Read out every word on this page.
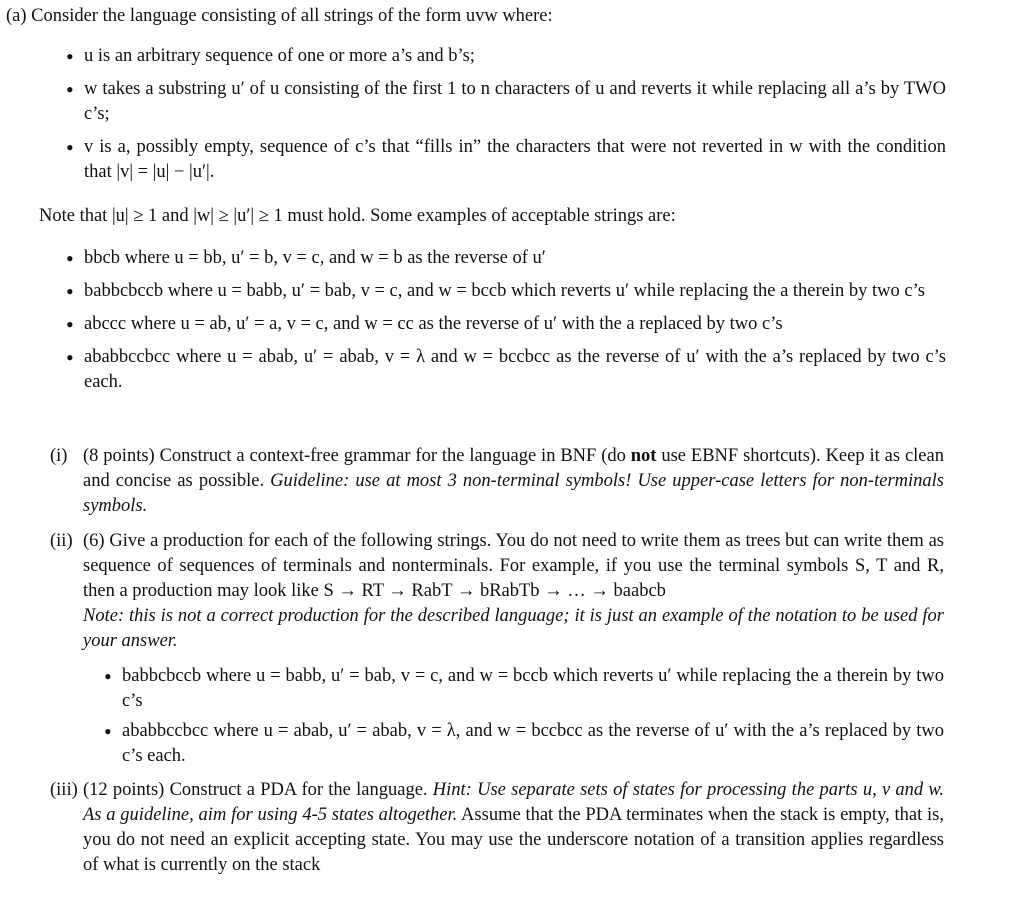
(a) Consider the language consisting of all strings of the form uvw where:
• u is an arbitrary sequence of one or more a’s and b’s;
• w takes a substring u′ of u consisting of the first 1 to n characters of u and reverts it while replacing all a’s by TWO c’s;
• v is a, possibly empty, sequence of c’s that “fills in” the characters that were not reverted in w with the condition that |v| = |u| − |u′|.
Note that |u| ≥ 1 and |w| ≥ |u′| ≥ 1 must hold. Some examples of acceptable strings are:
• bbcb where u = bb, u′ = b, v = c, and w = b as the reverse of u′
• babbcbccb where u = babb, u′ = bab, v = c, and w = bccb which reverts u′ while replacing the a therein by two c’s
• abccc where u = ab, u′ = a, v = c, and w = cc as the reverse of u′ with the a replaced by two c’s
• ababbccbcc where u = abab, u′ = abab, v = λ and w = bccbcc as the reverse of u′ with the a’s replaced by two c’s each.
(i) (8 points) Construct a context-free grammar for the language in BNF (do not use EBNF shortcuts). Keep it as clean and concise as possible. Guideline: use at most 3 non-terminal symbols! Use upper-case letters for non-terminals symbols.
(ii) (6) Give a production for each of the following strings. You do not need to write them as trees but can write them as sequence of sequences of terminals and nonterminals. For example, if you use the terminal symbols S, T and R, then a production may look like S → RT → RabT → bRabTb → … → baabcb
Note: this is not a correct production for the described language; it is just an example of the notation to be used for your answer.
• babbcbccb where u = babb, u′ = bab, v = c, and w = bccb which reverts u′ while replacing the a therein by two c’s
• ababbccbcc where u = abab, u′ = abab, v = λ, and w = bccbcc as the reverse of u′ with the a’s replaced by two c’s each.
(iii) (12 points) Construct a PDA for the language. Hint: Use separate sets of states for processing the parts u, v and w. As a guideline, aim for using 4-5 states altogether. Assume that the PDA terminates when the stack is empty, that is, you do not need an explicit accepting state. You may use the underscore notation of a transition applies regardless of what is currently on the stack
